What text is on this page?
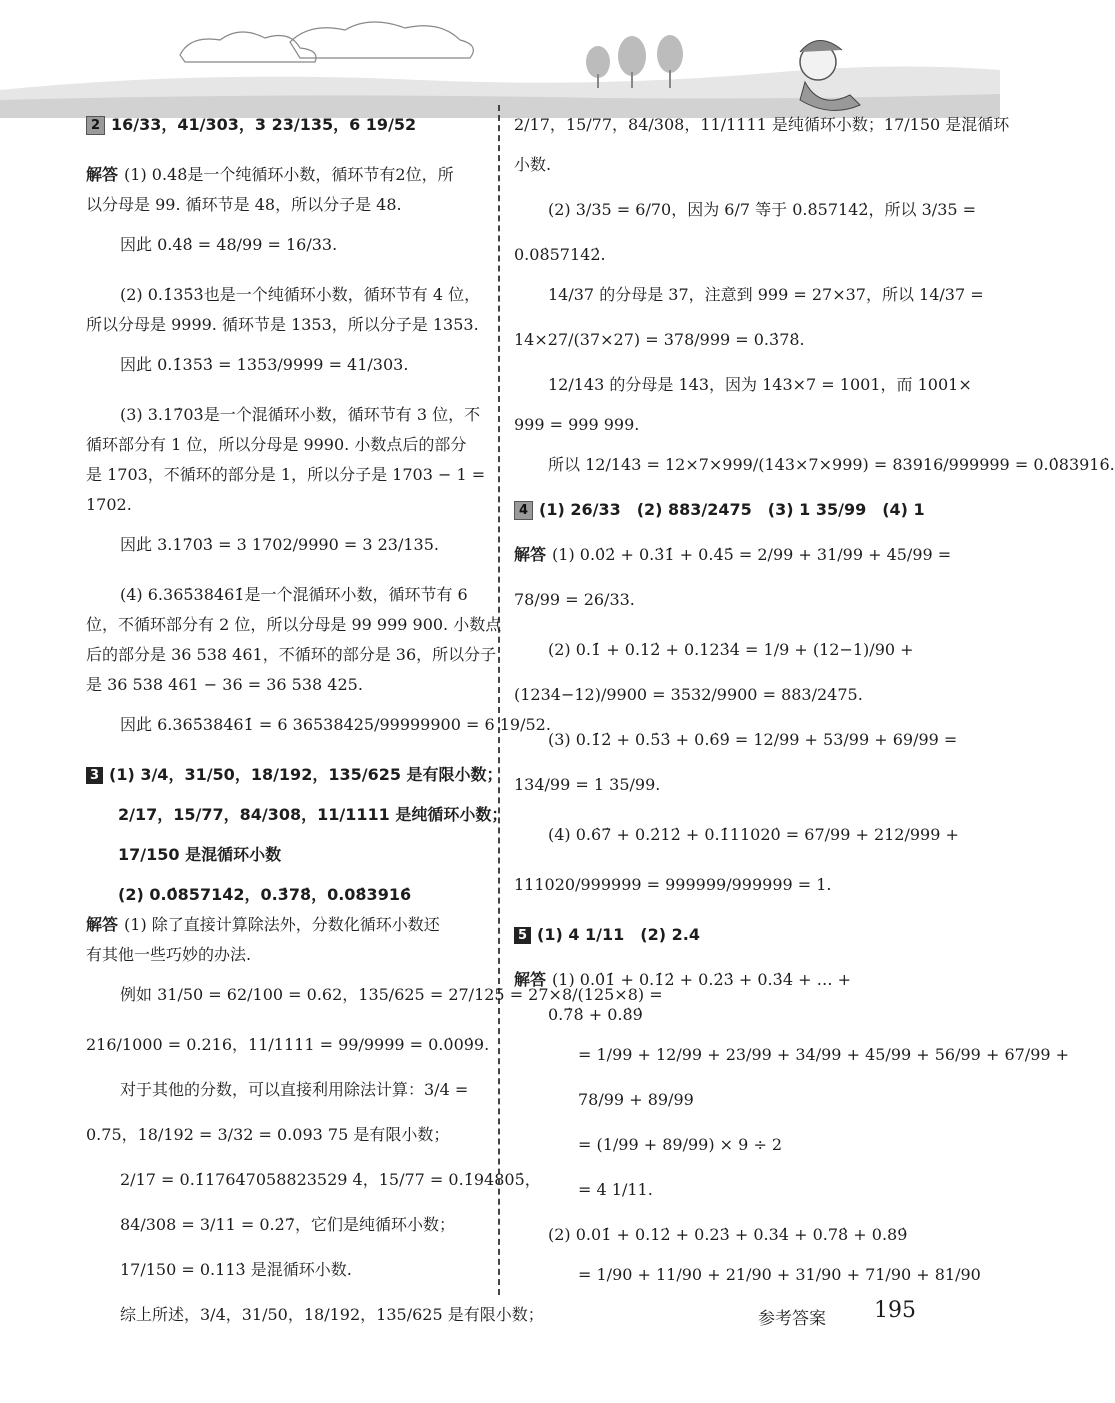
2 16/33，41/303，3 23/135，6 19/52
解答 (1) 0.4̇8̇是一个纯循环小数，循环节有2位，所
以分母是 99. 循环节是 48，所以分子是 48.
因此 0.4̇8̇ = 48/99 = 16/33.
(2) 0.1̇35̇3̇也是一个纯循环小数，循环节有 4 位，
所以分母是 9999. 循环节是 1353，所以分子是 1353.
因此 0.1̇353̇ = 1353/9999 = 41/303.
(3) 3.17̇03̇是一个混循环小数，循环节有 3 位，不
循环部分有 1 位，所以分母是 9990. 小数点后的部分
是 1703，不循环的部分是 1，所以分子是 1703 − 1 =
1702.
因此 3.17̇03̇ = 3 1702/9990 = 3 23/135.
(4) 6.365̇38461̇是一个混循环小数，循环节有 6
位，不循环部分有 2 位，所以分母是 99 999 900. 小数点
后的部分是 36 538 461，不循环的部分是 36，所以分子
是 36 538 461 − 36 = 36 538 425.
因此 6.365̇38461̇ = 6 36538425/99999900 = 6 19/52.
3 (1) 3/4，31/50，18/192，135/625 是有限小数；
2/17，15/77，84/308，11/1111 是纯循环小数；
17/150 是混循环小数
(2) 0.0̇85714̇2，0.3̇78̇，0.08̇3916̇
解答 (1) 除了直接计算除法外，分数化循环小数还
有其他一些巧妙的办法.
例如 31/50 = 62/100 = 0.62，135/625 = 27/125 = 27×8/(125×8) =
216/1000 = 0.216，11/1111 = 99/9999 = 0.0̇09̇9.
对于其他的分数，可以直接利用除法计算：3/4 =
0.75，18/192 = 3/32 = 0.093 75 是有限小数；
2/17 = 0.1̇17647058823529 4̇，15/77 = 0.1̇94805̇，
84/308 = 3/11 = 0.2̇7̇，它们是纯循环小数；
17/150 = 0.113̇ 是混循环小数.
综上所述，3/4，31/50，18/192，135/625 是有限小数；
2/17，15/77，84/308，11/1111 是纯循环小数；17/150 是混循环
小数.
(2) 3/35 = 6/70，因为 6/7 等于 0.8̇57142̇，所以 3/35 =
0.08̇57142̇.
14/37 的分母是 37，注意到 999 = 27×37，所以 14/37 =
14×27/(37×27) = 378/999 = 0.3̇78̇.
12/143 的分母是 143，因为 143×7 = 1001，而 1001×
999 = 999 999.
所以 12/143 = 12×7×999/(143×7×999) = 83916/999999 = 0.0̇83916̇.
4 (1) 26/33　(2) 883/2475　(3) 1 35/99　(4) 1
解答 (1) 0.0̇2̇ + 0.3̇1̇ + 0.4̇5̇ = 2/99 + 31/99 + 45/99 =
78/99 = 26/33.
(2) 0.1̇ + 0.12̇ + 0.123̇4̇ = 1/9 + (12−1)/90 +
(1234−12)/9900 = 3532/9900 = 883/2475.
(3) 0.1̇2̇ + 0.5̇3̇ + 0.6̇9̇ = 12/99 + 53/99 + 69/99 =
134/99 = 1 35/99.
(4) 0.6̇7̇ + 0.2̇12̇ + 0.1̇11020̇ = 67/99 + 212/999 +
111020/999999 = 999999/999999 = 1.
5 (1) 4 1/11　(2) 2.4
解答 (1) 0.0̇1̇ + 0.1̇2̇ + 0.2̇3̇ + 0.3̇4̇ + … +
0.7̇8̇ + 0.8̇9̇
= 1/99 + 12/99 + 23/99 + 34/99 + 45/99 + 56/99 + 67/99 +
78/99 + 89/99
= (1/99 + 89/99) × 9 ÷ 2
= 4 1/11.
(2) 0.01̇ + 0.12̇ + 0.23̇ + 0.34̇ + 0.78̇ + 0.89̇
= 1/90 + 11/90 + 21/90 + 31/90 + 71/90 + 81/90
参考答案 195
